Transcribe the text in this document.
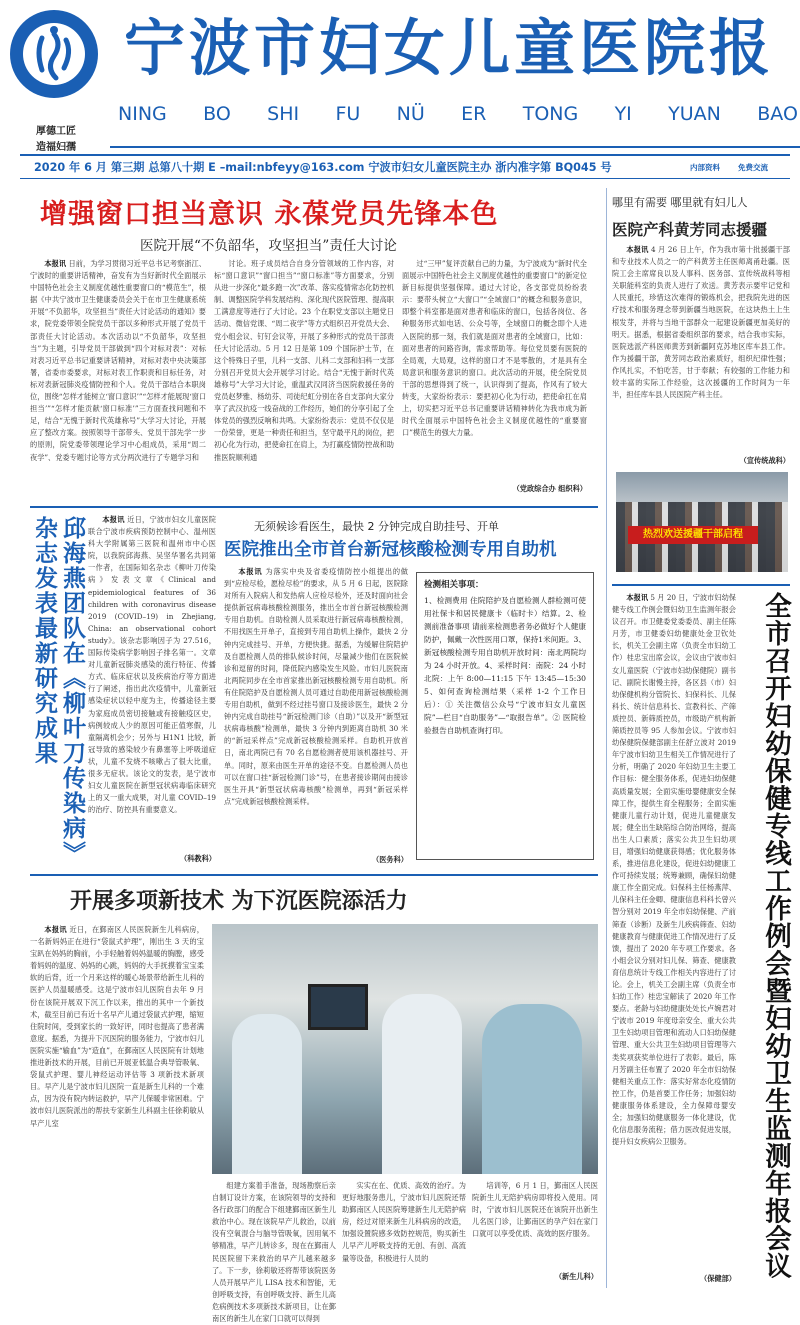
宁波市妇女儿童医院报
厚德工匠
造福妇孺
NING BO SHI FU NÜ ER TONG YI YUAN BAO
2020 年 6 月 第三期 总第八十期 E –mail:nbfeyy@163.com 宁波市妇女儿童医院主办 浙内准字第 BQ045 号	内部资料 免费交流
增强窗口担当意识 永葆党员先锋本色
医院开展“不负韶华，攻坚担当”责任大讨论

本报讯 日前，为学习贯彻习近平总书记考察浙江、宁波时的重要讲话精神，奋发有为当好新时代全面展示中国特色社会主义制度优越性重要窗口的“模范生”，根据《中共宁波市卫生健康委员会关于在市卫生健康系统开展“不负韶华，攻坚担当”责任大讨论活动的通知》要求，院党委带领全院党员干部以多种形式开展了党员干部责任大讨论活动。本次活动以“不负韶华，攻坚担当”为主题，引导党员干部做到“四个对标对表”：对标对表习近平总书记重要讲话精神，对标对表中央决策部署，省委市委要求，对标对表工作职责和目标任务，对标对表新冠肺炎疫情防控和个人。党员干部结合本职岗位，围绕“怎样才能树立‘窗口意识’”“怎样才能展现‘窗口担当’”“怎样才能贡献‘窗口标准’”三方面查找问题和不足，结合“无愧于新时代英雄称号”大学习大讨论，开展应了整改方案。按照领导干部带头、党员干部先学一步的原则，院党委带领理论学习中心组成员，采用“周二夜学”、党委专题讨论等方式分两次进行了专题学习和

讨论。班子成员结合自身分管领域的工作内容，对标“窗口意识”“窗口担当”“窗口标准”等方面要求，分别从进一步深化“最多跑一次”改革、落实疫情常态化防控机制、调整医院学科发展结构、深化现代医院管理、提高职工满意度等进行了大讨论。23 个在职党支部以主题党日活动、微信党课、“周二夜学”等方式组织召开党员大会、党小组会议、钉钉会议等，开展了多种形式的党员干部责任大讨论活动。5 月 12 日是第 109 个国际护士节，在这个特殊日子里，儿科一支部、儿科二支部和妇科一支部分别召开党员大会开展学习讨论。结合“无愧于新时代英雄称号”大学习大讨论，重温武汉同济当医院救援任务的党员赵梦雅、杨幼芬、司徒纪虹分别在各自支部向大家分享了武汉抗疫一线奋战的工作经历，她们的分享引起了全体党员的强烈反响和共鸣。大家纷纷表示：党员不仅仅是一份荣誉，更是一种责任和担当，坚守最平凡的岗位，把初心化为行动，把使命扛在肩上，为打赢疫情防控战和助推医院顺利通

过“三甲”复评贡献自己的力量，为宁波成为“新时代全面展示中国特色社会主义制度优越性的重要窗口”的新定位新目标提供坚强保障。通过大讨论，各支部党员纷纷表示：要带头树立“大窗口”“全域窗口”的概念和服务意识，即整个科室都是面对患者和临床的窗口，包括各岗位、各种服务形式如电话、公众号等，全域窗口的概念即个人进入医院的那一刻，我们就是面对患者的全域窗口，比如：面对患者的问路咨询，需求帮助等。每位党员要有医院的全局观，大局观，这样的窗口才不是零散的，才是具有全局意识和服务意识的窗口。此次活动的开展，使全院党员干部的思想得到了统一，认识得到了提高，作风有了较大转变，大家纷纷表示：要把初心化为行动，把使命扛在肩上，切实把习近平总书记重要讲话精神转化为我市成为新时代全面展示中国特色社会主义制度优越性的“重要窗口”模范生的强大力量。

（党政综合办 组织科）
哪里有需要 哪里就有妇儿人
医院产科黄芳同志援疆

本报讯 4 月 26 日上午，作为我市第十批援疆干部和专业技术人员之一的产科黄芳主任医师离甬赴疆。医院工会主席席良以及人事科、医务部、宣传统战科等相关职能科室的负责人进行了欢送。黄芳表示要牢记党和人民重托，珍惜这次难得的锻炼机会，把我院先进的医疗技术和服务理念带到新疆当地医院，在这块热土上生根发芽，并将与当地干部群众一起建设新疆更加美好的明天。据悉，根据省委组织部的要求，结合我市实际，医院选派产科医师黄芳到新疆阿克苏地区库车县工作。作为援疆干部，黄芳同志政治素质好，组织纪律性强；作风扎实，不怕吃苦，甘于奉献；有较强的工作能力和较丰富的实际工作经验，这次援疆的工作时间为一年半，担任库车县人民医院产科主任。

（宣传统战科）
热烈欢送援疆干部启程
邱海燕团队在《柳叶刀传染病》杂志发表最新研究成果	本报讯 近日，宁波市妇女儿童医院联合宁波市疾病预防控制中心、温州医科大学附属第三医院和温州市中心医院，以我院邱海燕、吴坚华署名共同第一作者，在国际知名杂志《柳叶刀传染病》发表文章《Clinical and epidemiological features of 36 children with coronavirus disease 2019 (COVID–19) in Zhejiang, China: an observational cohort study》。该杂志影响因子为 27.516，国际传染病学影响因子排名第一。文章对儿童新冠肺炎感染的流行特征、传播方式、临床症状以及疾病治疗等方面进行了阐述，指出此次疫情中，儿童新冠感染症状以轻中度为主，传播途径主要为家庭成员密切接触或有接触疫区史，病例较成人少的原因可能正值寒假，儿童隔离机会少；另外与 H1N1 比较，新冠导致的感染较少有鼻塞等上呼吸道症状，儿童不发烧不咳嗽占了很大比重，很多无症状。该论文的发表，是宁波市妇女儿童医院在新型冠状病毒临床研究上的又一重大成果，对儿童 COVID–19 的治疗、防控具有重要意义。

（科教科）
无须候诊看医生，最快 2 分钟完成自助挂号、开单
医院推出全市首台新冠核酸检测专用自助机

本报讯 为落实中央及省委疫情防控小组提出的做到“应检尽检，愿检尽检”的要求，从 5 月 6 日起，医院除对所有入院病人和发热病人应检尽检外，还及时面向社会提供新冠病毒核酸检测服务，推出全市首台新冠核酸检测专用自助机。自助检测人员采取进行新冠病毒核酸检测，不用找医生开单子，直接到专用自助机上操作，最快 2 分钟内完成挂号、开单，方便快捷。据悉，为缓解住院陪护及自愿检测人员的排队候诊时间，尽量减少他们在医院候诊和逗留的时间，降低院内感染发生风险。市妇儿医院南北两院同步在全市首家推出新冠核酸检测专用自助机。所有住院陪护及自愿检测人员可通过自助使用新冠核酸检测专用自助机，做到不经过挂号窗口及接诊医生，最快 2 分钟内完成自助挂号“新冠检测门诊（自助）”以及开“新型冠状病毒核酸”检测单，最快 3 分钟内到距离自助机 30 米的“新冠采样点”完成新冠核酸检测采样。自助机开放首日，南北两院已有 70 名自愿检测者使用该机器挂号、开单。同时，原来由医生开单的途径不变。自愿检测人员也可以在窗口挂“新冠检测门诊”号，在患者接诊期间由接诊医生开具“新型冠状病毒核酸”检测单，再到“新冠采样点”完成新冠核酸检测采样。

（医务科）
检测相关事项：
1、检测费用 住院陪护及自愿检测人群检测可使用社保卡和居民健康卡（临时卡）结算。2、检测前准备事项 请前来检测患者务必做好个人健康防护，佩戴一次性医用口罩，保持1米间距。3、新冠核酸检测专用自助机开放时间：南北两院均为 24 小时开放。4、采样时间：南院：24 小时 北院：上午 8:00—11:15 下午 13:45—15:30 5、如何查询检测结果（采样 1-2 个工作日后）：① 关注微信公众号“宁波市妇女儿童医院”—栏目“自助服务”—“取报告单”。② 医院检验报告自助机查询打印。
开展多项新技术 为下沉医院添活力

本报讯 近日，在鄞南区人民医院新生儿科病房，一名新妈妈正在进行“袋鼠式护理”，刚出生 3 天的宝宝趴在妈妈的胸前，小手轻触着妈妈温暖的胸膛，感受着妈妈的温度、妈妈的心跳，妈妈的大手抚摸着宝宝柔软的后背，近一个月来这样的暖心场景带给新生儿科的医护人员温暖感受。这是宁波市妇儿医院自去年 9 月份在该院开展双下沉工作以来，推出的其中一个新技术，截至目前已有近十名早产儿通过袋鼠式护理，缩短住院时间，受到家长的一致好评，同时也提高了患者满意度。据悉，为提升下沉医院的服务能力，宁波市妇儿医院实施“输血”为“造血”，在鄞南区人民医院有计划地推进新技术的开展，目前已开展亚低温合典导管吸氧、袋鼠式护理、婴儿神经运动评估等 3 项新技术新项目。早产儿是宁波市妇儿医院一直是新生儿科的一个难点，因为没有院内转运救护，早产儿保暖非常困难。宁波市妇儿医院派出的帮扶专家新生儿科副主任徐莉敏从早产儿室

组建方案着手准备，现场勘察后亲自制订设计方案，在该院领导的支持和各行政部门的配合下组建鄞南区新生儿救治中心。现在该院早产儿救治，以前没有空氧混合与脑导管吸氧，因用氧不够精准，早产儿转诊多，现在在鄞南人民医院留下来救治的早产儿越来越多了。下一步，徐莉敏还将帮带该院医务人员开展早产儿 LISA 技术和智能，无创呼吸支持，有创呼吸支持、新生儿高危病例技术多项新技术新项目，让在鄞南区的新生儿在家门口就可以得到

实实在在、优质、高效的治疗。为更好地服务患儿，宁波市妇儿医院还帮助鄞南区人民医院筹建新生儿无陪护病房，经过对原来新生儿科病房的改造，加强设置院感多效防控规范，购买新生儿早产儿呼吸支持的无创、有创、高流量等设备，积极进行人员的

培训等，6 月 1 日，鄞南区人民医院新生儿无陪护病房即将投入使用。同时，宁波市妇儿医院还在该院开出新生儿名医门诊，让鄞南区的孕产妇在家门口就可以享受优质、高效的医疗服务。

（新生儿科）

本报讯 5 月 20 日，宁波市妇幼保健专线工作例会暨妇幼卫生监测年报会议召开。市卫健委党委委员、副主任陈月芳，市卫健委妇幼健康处金卫钦处长，机关工会副主席（负责全市妇幼工作）桂忠宝出席会议，会议由宁波市妇女儿童医院（宁波市妇幼保健院）副书记、副院长谢慢主持，各区县（市）妇幼保健机构分管院长、妇保科长、儿保科长、统计信息科长、宣教科长、产筛质控员、新筛质控员，市级助产机构新筛质控员等 95 人参加会议。宁波市妇幼保健院保健部副主任舒立波对 2019 年宁波市妇幼卫生相关工作情况进行了分析，明确了 2020 年妇幼卫生主要工作目标：健全服务体系，促进妇幼保健高质量发展；全面实施母婴健康安全保障工作，提供生育全程服务；全面实施健康儿童行动计划，促进儿童健康发展；健全出生缺陷综合防治网络，提高出生人口素质；落实公共卫生妇幼项目，增强妇幼健康获得感；优化服务体系，推进信息化建设，促进妇幼健康工作可持续发展；统筹兼顾，确保妇幼健康工作全面完成。妇保科主任杨燕萍、儿保科主任金卿、健康信息科科长曾兴智分别对 2019 年全市妇幼保健、产前筛查（诊断）及新生儿疾病筛查、妇幼健康教育与健康促进工作情况进行了反馈，提出了 2020 年专项工作要求。各小组会议分别对妇儿保、筛查、健康教育信息统计专线工作相关内容进行了讨论。会上，机关工会副主席（负责全市妇幼工作）桂忠宝解读了 2020 年工作要点。老龄与妇幼健康处处长卢婉君对宁波市 2019 年度母亲安全、重大公共卫生妇幼项目管理和流动人口妇幼保健管理、重大公共卫生妇幼项目管理等六类奖项获奖单位进行了表彰。最后，陈月芳副主任布置了 2020 年全市妇幼保健相关重点工作：落实好常态化疫情防控工作，仍是首要工作任务；加强妇幼健康服务体系建设，全力保障母婴安全；加强妇幼健康服务一体化建设，优化信息服务流程；借力医改促进发展，提升妇女疾病公卫服务。

（保健部） 全市召开妇幼保健专线工作例会暨妇幼卫生监测年报会议
